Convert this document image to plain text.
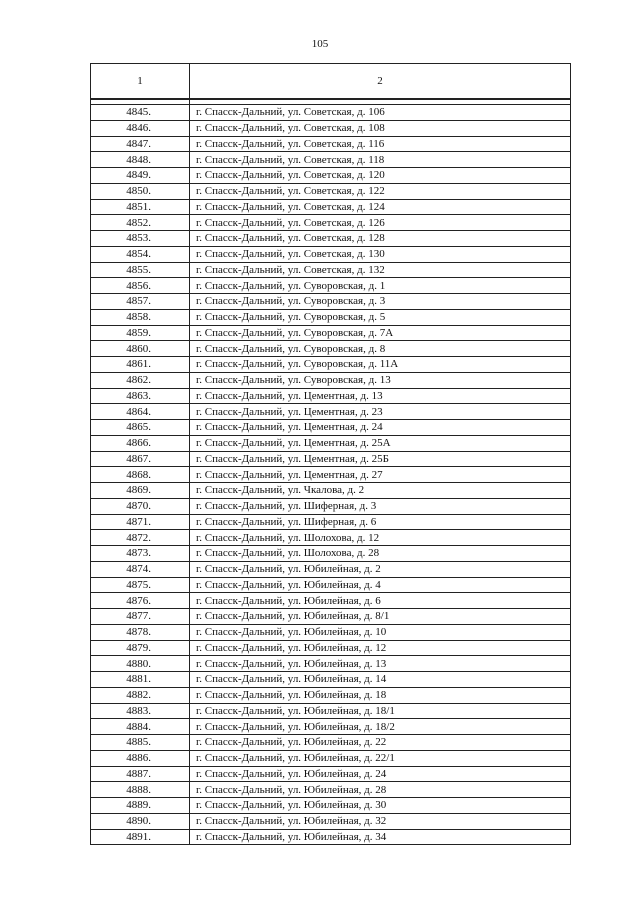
105
1	2

4845.	г. Спасск-Дальний, ул. Советская, д. 106
4846.	г. Спасск-Дальний, ул. Советская, д. 108
4847.	г. Спасск-Дальний, ул. Советская, д. 116
4848.	г. Спасск-Дальний, ул. Советская, д. 118
4849.	г. Спасск-Дальний, ул. Советская, д. 120
4850.	г. Спасск-Дальний, ул. Советская, д. 122
4851.	г. Спасск-Дальний, ул. Советская, д. 124
4852.	г. Спасск-Дальний, ул. Советская, д. 126
4853.	г. Спасск-Дальний, ул. Советская, д. 128
4854.	г. Спасск-Дальний, ул. Советская, д. 130
4855.	г. Спасск-Дальний, ул. Советская, д. 132
4856.	г. Спасск-Дальний, ул. Суворовская, д. 1
4857.	г. Спасск-Дальний, ул. Суворовская, д. 3
4858.	г. Спасск-Дальний, ул. Суворовская, д. 5
4859.	г. Спасск-Дальний, ул. Суворовская, д. 7А
4860.	г. Спасск-Дальний, ул. Суворовская, д. 8
4861.	г. Спасск-Дальний, ул. Суворовская, д. 11А
4862.	г. Спасск-Дальний, ул. Суворовская, д. 13
4863.	г. Спасск-Дальний, ул. Цементная, д. 13
4864.	г. Спасск-Дальний, ул. Цементная, д. 23
4865.	г. Спасск-Дальний, ул. Цементная, д. 24
4866.	г. Спасск-Дальний, ул. Цементная, д. 25А
4867.	г. Спасск-Дальний, ул. Цементная, д. 25Б
4868.	г. Спасск-Дальний, ул. Цементная, д. 27
4869.	г. Спасск-Дальний, ул. Чкалова, д. 2
4870.	г. Спасск-Дальний, ул. Шиферная, д. 3
4871.	г. Спасск-Дальний, ул. Шиферная, д. 6
4872.	г. Спасск-Дальний, ул. Шолохова, д. 12
4873.	г. Спасск-Дальний, ул. Шолохова, д. 28
4874.	г. Спасск-Дальний, ул. Юбилейная, д. 2
4875.	г. Спасск-Дальний, ул. Юбилейная, д. 4
4876.	г. Спасск-Дальний, ул. Юбилейная, д. 6
4877.	г. Спасск-Дальний, ул. Юбилейная, д. 8/1
4878.	г. Спасск-Дальний, ул. Юбилейная, д. 10
4879.	г. Спасск-Дальний, ул. Юбилейная, д. 12
4880.	г. Спасск-Дальний, ул. Юбилейная, д. 13
4881.	г. Спасск-Дальний, ул. Юбилейная, д. 14
4882.	г. Спасск-Дальний, ул. Юбилейная, д. 18
4883.	г. Спасск-Дальний, ул. Юбилейная, д. 18/1
4884.	г. Спасск-Дальний, ул. Юбилейная, д. 18/2
4885.	г. Спасск-Дальний, ул. Юбилейная, д. 22
4886.	г. Спасск-Дальний, ул. Юбилейная, д. 22/1
4887.	г. Спасск-Дальний, ул. Юбилейная, д. 24
4888.	г. Спасск-Дальний, ул. Юбилейная, д. 28
4889.	г. Спасск-Дальний, ул. Юбилейная, д. 30
4890.	г. Спасск-Дальний, ул. Юбилейная, д. 32
4891.	г. Спасск-Дальний, ул. Юбилейная, д. 34
